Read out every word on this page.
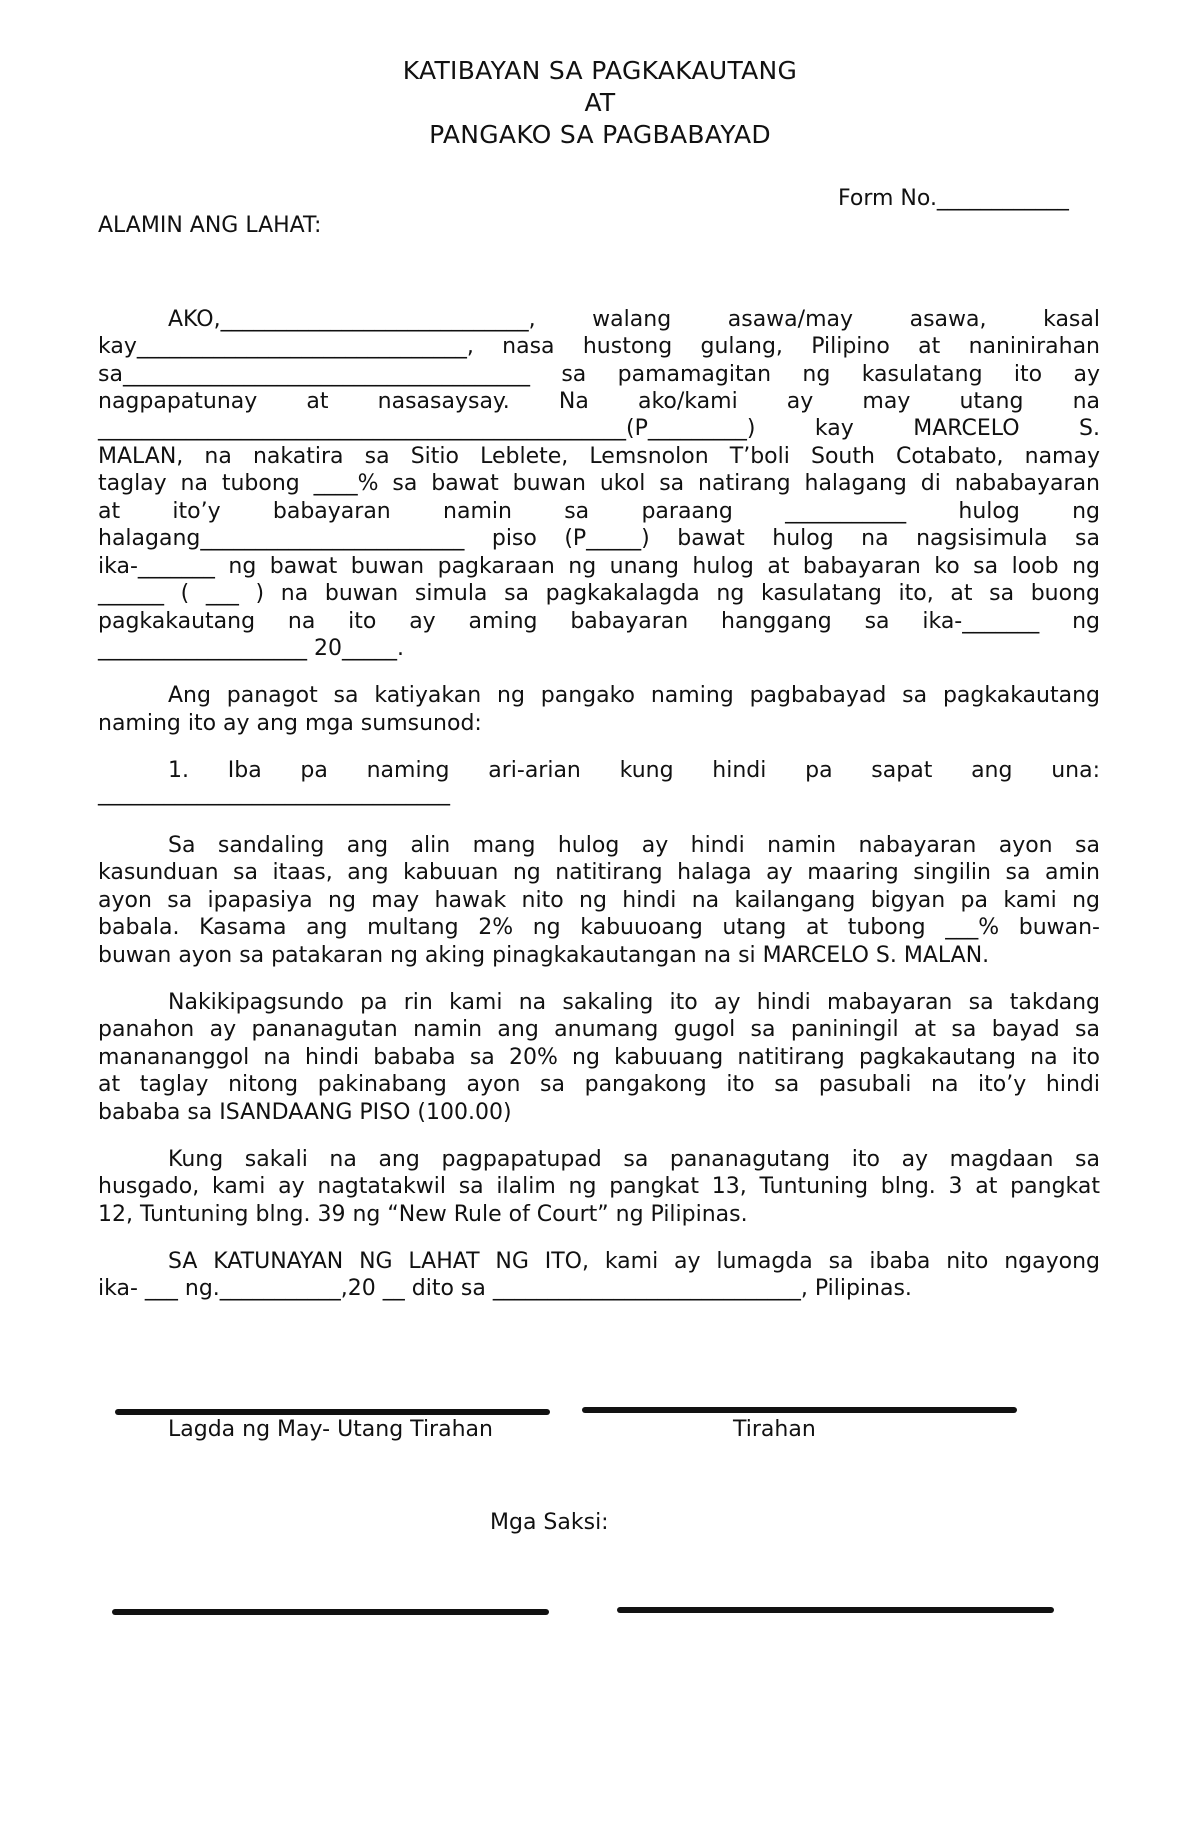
KATIBAYAN SA PAGKAKAUTANG
AT
PANGAKO SA PAGBABAYAD
Form No.____________
ALAMIN ANG LAHAT:
AKO,____________________________, walang asawa/may asawa, kasal
kay______________________________, nasa hustong gulang, Pilipino at naninirahan
sa_____________________________________ sa pamamagitan ng kasulatang ito ay
nagpapatunay at nasasaysay. Na ako/kami ay may utang na
________________________________________________(P_________) kay MARCELO S.
MALAN, na nakatira sa Sitio Leblete, Lemsnolon T’boli South Cotabato, namay
taglay na tubong ____% sa bawat buwan ukol sa natirang halagang di nababayaran
at ito’y babayaran namin sa paraang ___________ hulog ng
halagang________________________ piso (P_____) bawat hulog na nagsisimula sa
ika-_______ ng bawat buwan pagkaraan ng unang hulog at babayaran ko sa loob ng
______ ( ___ ) na buwan simula sa pagkakalagda ng kasulatang ito, at sa buong
pagkakautang na ito ay aming babayaran hanggang sa ika-_______ ng
___________________ 20_____.
Ang panagot sa katiyakan ng pangako naming pagbabayad sa pagkakautang
naming ito ay ang mga sumsunod:
1. Iba pa naming ari-arian kung hindi pa sapat ang una:
________________________________
Sa sandaling ang alin mang hulog ay hindi namin nabayaran ayon sa
kasunduan sa itaas, ang kabuuan ng natitirang halaga ay maaring singilin sa amin
ayon sa ipapasiya ng may hawak nito ng hindi na kailangang bigyan pa kami ng
babala. Kasama ang multang 2% ng kabuuoang utang at tubong ___% buwan-
buwan ayon sa patakaran ng aking pinagkakautangan na si MARCELO S. MALAN.
Nakikipagsundo pa rin kami na sakaling ito ay hindi mabayaran sa takdang
panahon ay pananagutan namin ang anumang gugol sa paniningil at sa bayad sa
manananggol na hindi bababa sa 20% ng kabuuang natitirang pagkakautang na ito
at taglay nitong pakinabang ayon sa pangakong ito sa pasubali na ito’y hindi
bababa sa ISANDAANG PISO (100.00)
Kung sakali na ang pagpapatupad sa pananagutang ito ay magdaan sa
husgado, kami ay nagtatakwil sa ilalim ng pangkat 13, Tuntuning blng. 3 at pangkat
12, Tuntuning blng. 39 ng “New Rule of Court” ng Pilipinas.
SA KATUNAYAN NG LAHAT NG ITO, kami ay lumagda sa ibaba nito ngayong
ika- ___ ng.___________,20 __ dito sa ____________________________, Pilipinas.
Lagda ng May- Utang Tirahan	Tirahan
Mga Saksi:
